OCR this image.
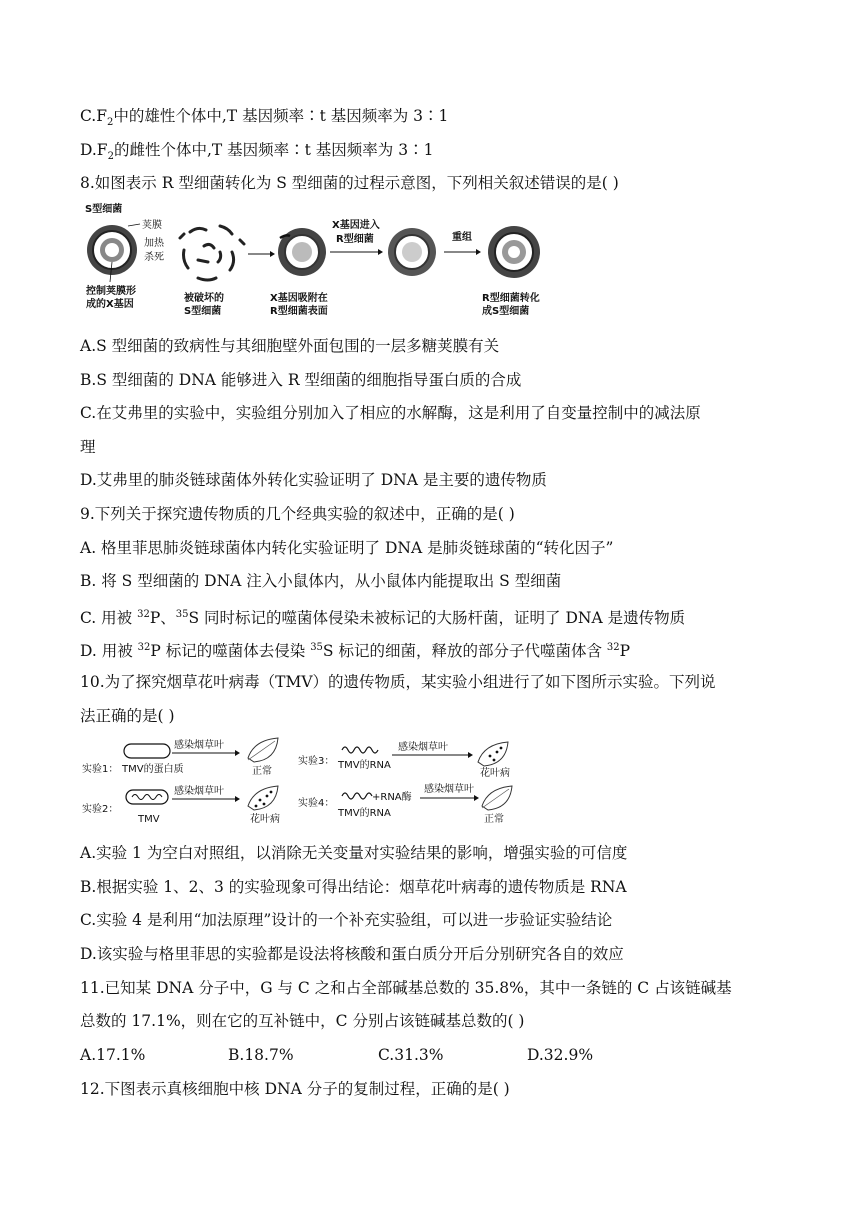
$C.F_2$中的雄性个体中,T 基因频率∶t 基因频率为 3∶1
$D.F_2$的雌性个体中,T 基因频率∶t 基因频率为 3∶1
8.如图表示 R 型细菌转化为 S 型细菌的过程示意图，下列相关叙述错误的是( )
S型细菌
荚膜
加热
杀死
控制荚膜形
成的X基因
被破坏的
S型细菌
X基因吸附在
R型细菌表面
X基因进入
R型细菌	重组
R型细菌转化
成S型细菌
A.S 型细菌的致病性与其细胞壁外面包围的一层多糖荚膜有关
B.S 型细菌的 DNA 能够进入 R 型细菌的细胞指导蛋白质的合成
C.在艾弗里的实验中，实验组分别加入了相应的水解酶，这是利用了自变量控制中的减法原
理
D.艾弗里的肺炎链球菌体外转化实验证明了 DNA 是主要的遗传物质
9.下列关于探究遗传物质的几个经典实验的叙述中，正确的是( )
A. 格里菲思肺炎链球菌体内转化实验证明了 DNA 是肺炎链球菌的“转化因子”
B. 将 S 型细菌的 DNA 注入小鼠体内，从小鼠体内能提取出 S 型细菌
C. 用被 $^{32}$P、$^{35}$S 同时标记的噬菌体侵染未被标记的大肠杆菌，证明了 DNA 是遗传物质
D. 用被 $^{32}$P 标记的噬菌体去侵染 $^{35}$S 标记的细菌，释放的部分子代噬菌体含 $^{32}$P
10.为了探究烟草花叶病毒（TMV）的遗传物质，某实验小组进行了如下图所示实验。下列说
法正确的是( )
实验1： TMV的蛋白质
感染烟草叶
正常
实验2：
TMV
感染烟草叶
花叶病
实验3： TMV的RNA
感染烟草叶
花叶病
实验4：
+RNA酶
TMV的RNA
感染烟草叶
正常
A.实验 1 为空白对照组，以消除无关变量对实验结果的影响，增强实验的可信度
B.根据实验 1、2、3 的实验现象可得出结论：烟草花叶病毒的遗传物质是 RNA
C.实验 4 是利用“加法原理”设计的一个补充实验组，可以进一步验证实验结论
D.该实验与格里菲思的实验都是设法将核酸和蛋白质分开后分别研究各自的效应
11.已知某 DNA 分子中，G 与 C 之和占全部碱基总数的 35.8%，其中一条链的 C 占该链碱基
总数的 17.1%，则在它的互补链中，C 分别占该链碱基总数的( )
A.17.1%	B.18.7%	C.31.3%	D.32.9%
12.下图表示真核细胞中核 DNA 分子的复制过程，正确的是( )
